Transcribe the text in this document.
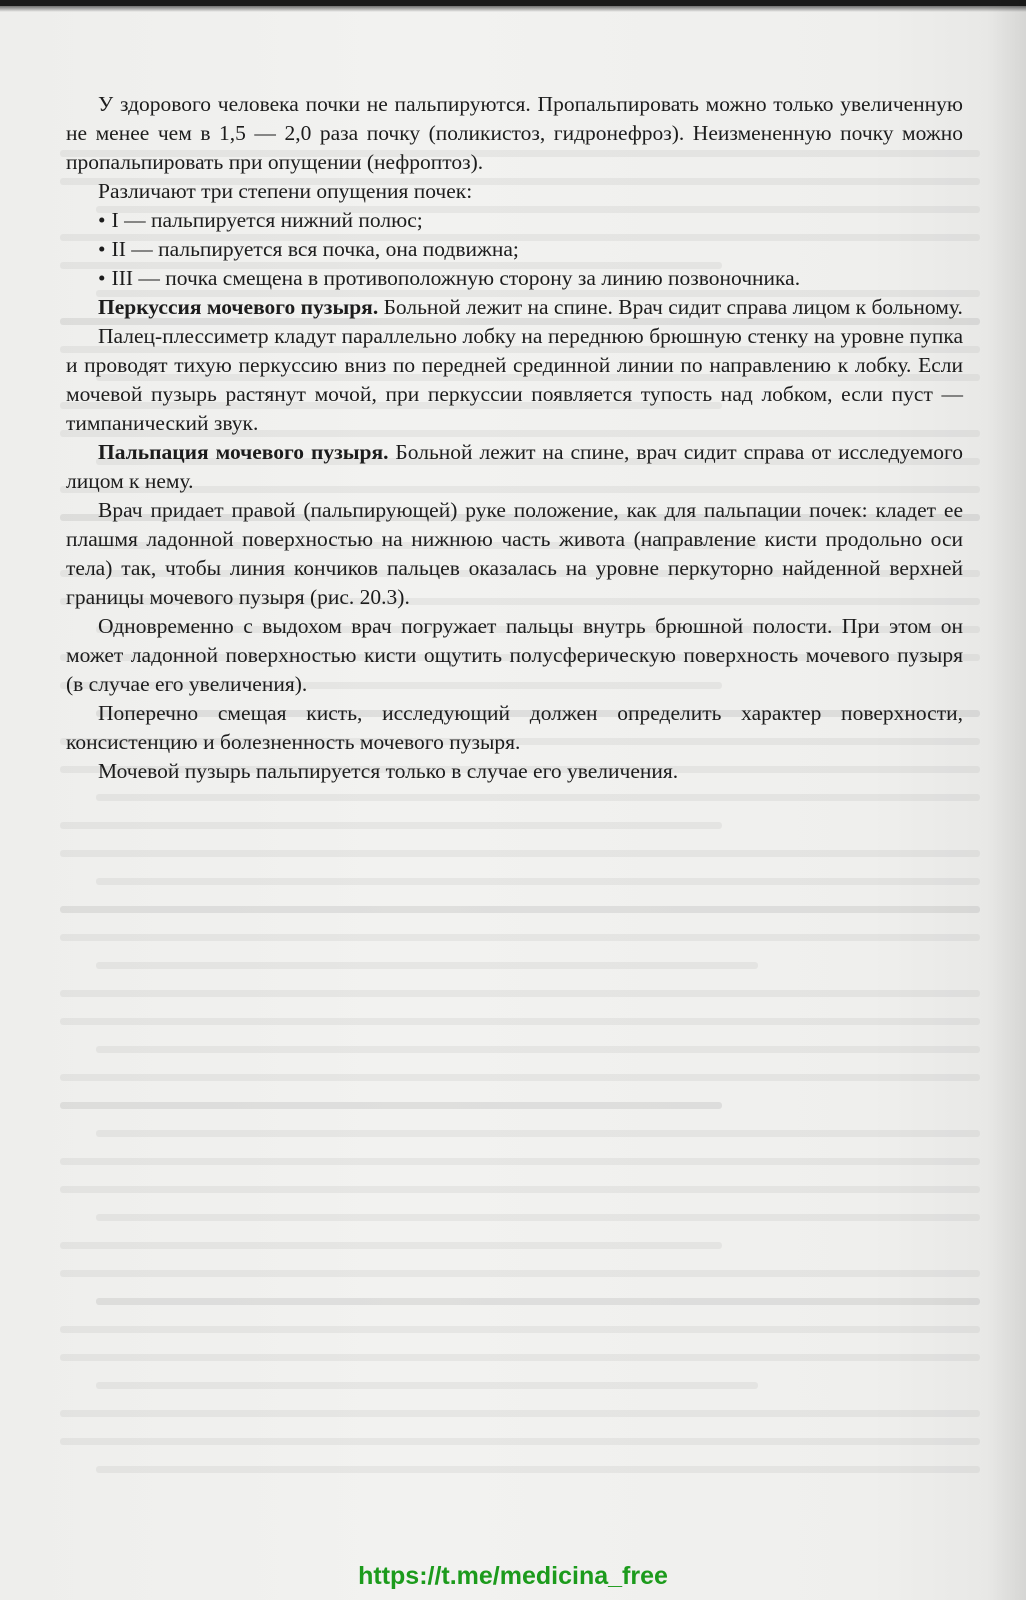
У здорового человека почки не пальпируются. Пропальпировать можно только увеличенную не менее чем в 1,5 — 2,0 раза почку (поликистоз, гидронефроз). Неизмененную почку можно пропальпировать при опущении (нефроптоз).

Различают три степени опущения почек:

• I — пальпируется нижний полюс;

• II — пальпируется вся почка, она подвижна;

• III — почка смещена в противоположную сторону за линию позвоночника.

Перкуссия мочевого пузыря. Больной лежит на спине. Врач сидит справа лицом к больному.

Палец-плессиметр кладут параллельно лобку на переднюю брюшную стенку на уровне пупка и проводят тихую перкуссию вниз по передней срединной линии по направлению к лобку. Если мочевой пузырь растянут мочой, при перкуссии появляется тупость над лобком, если пуст — тимпанический звук.

Пальпация мочевого пузыря. Больной лежит на спине, врач сидит справа от исследуемого лицом к нему.

Врач придает правой (пальпирующей) руке положение, как для пальпации почек: кладет ее плашмя ладонной поверхностью на нижнюю часть живота (направление кисти продольно оси тела) так, чтобы линия кончиков пальцев оказалась на уровне перкуторно найденной верхней границы мочевого пузыря (рис. 20.3).

Одновременно с выдохом врач погружает пальцы внутрь брюшной полости. При этом он может ладонной поверхностью кисти ощутить полусферическую поверхность мочевого пузыря (в случае его увеличения).

Поперечно смещая кисть, исследующий должен определить характер поверхности, консистенцию и болезненность мочевого пузыря.

Мочевой пузырь пальпируется только в случае его увеличения.

https://t.me/medicina_free
